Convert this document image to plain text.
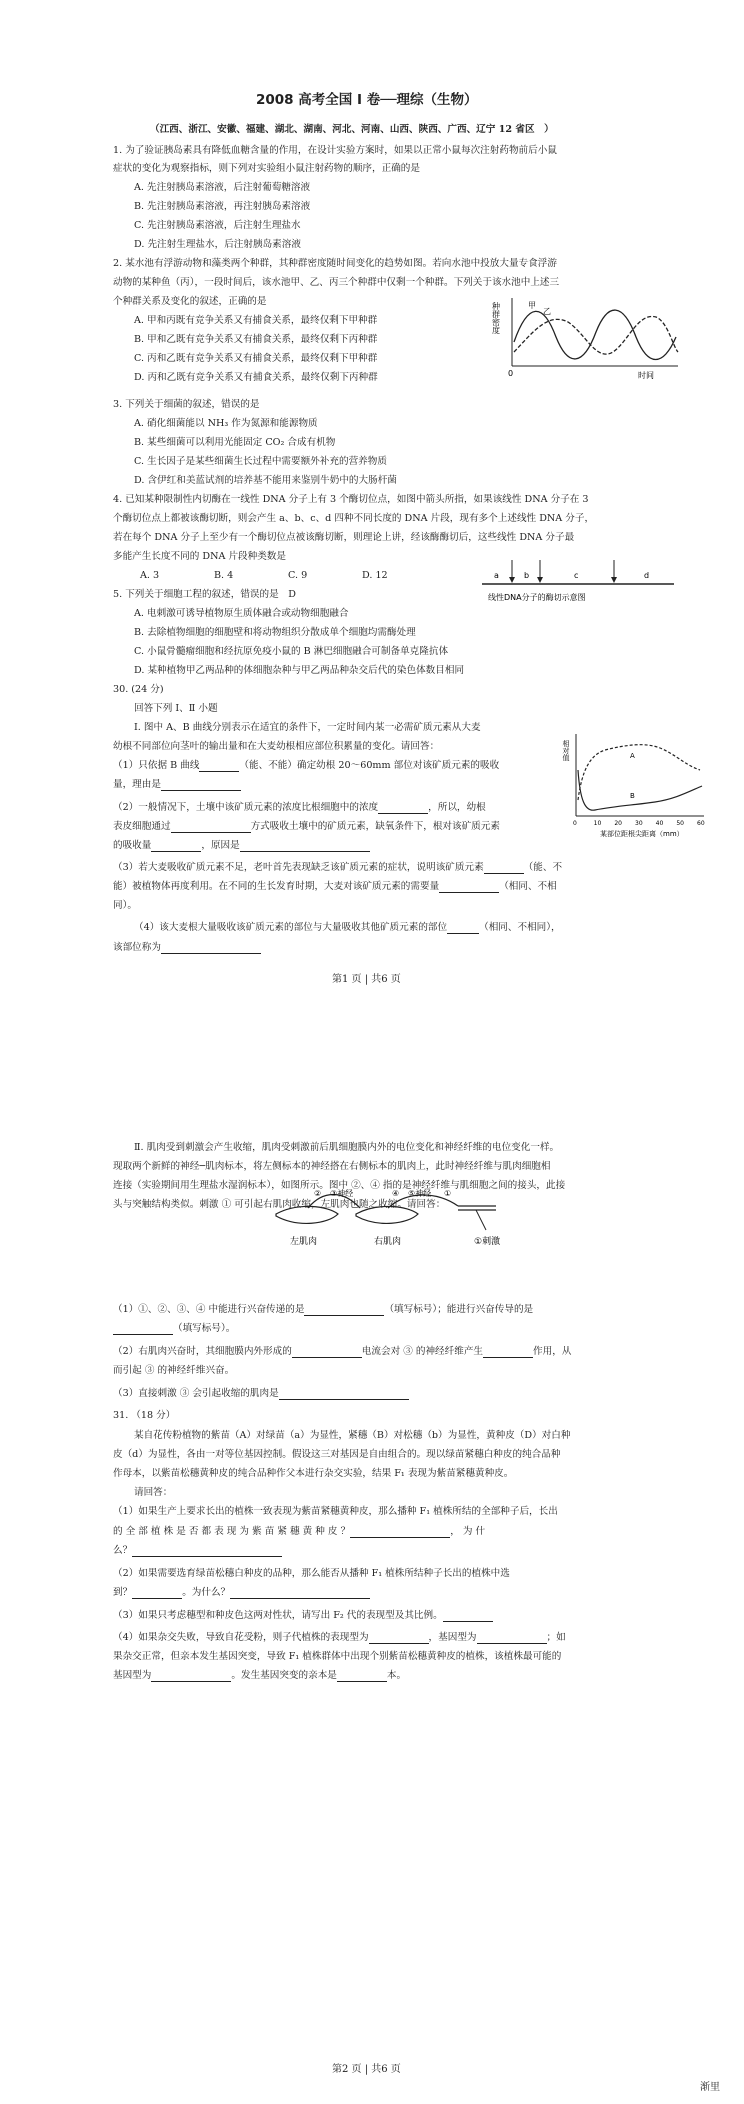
2008 高考全国 I 卷──理综（生物）
（江西、浙江、安徽、福建、湖北、湖南、河北、河南、山西、陕西、广西、辽宁 12 省区　）
1. 为了验证胰岛素具有降低血糖含量的作用，在设计实验方案时，如果以正常小鼠每次注射药物前后小鼠
症状的变化为观察指标，则下列对实验组小鼠注射药物的顺序，正确的是
A. 先注射胰岛素溶液，后注射葡萄糖溶液
B. 先注射胰岛素溶液，再注射胰岛素溶液
C. 先注射胰岛素溶液，后注射生理盐水
D. 先注射生理盐水，后注射胰岛素溶液
2. 某水池有浮游动物和藻类两个种群，其种群密度随时间变化的趋势如图。若向水池中投放大量专食浮游
动物的某种鱼（丙），一段时间后，该水池甲、乙、丙三个种群中仅剩一个种群。下列关于该水池中上述三
个种群关系及变化的叙述，正确的是
A. 甲和丙既有竞争关系又有捕食关系，最终仅剩下甲种群
B. 甲和乙既有竞争关系又有捕食关系，最终仅剩下丙种群
C. 丙和乙既有竞争关系又有捕食关系，最终仅剩下甲种群
D. 丙和乙既有竞争关系又有捕食关系，最终仅剩下丙种群
种群密度	甲
乙
0	时间
3. 下列关于细菌的叙述，错误的是
A. 硝化细菌能以 NH₃ 作为氮源和能源物质
B. 某些细菌可以利用光能固定 CO₂ 合成有机物
C. 生长因子是某些细菌生长过程中需要额外补充的营养物质
D. 含伊红和美蓝试剂的培养基不能用来鉴别牛奶中的大肠杆菌
4. 已知某种限制性内切酶在一线性 DNA 分子上有 3 个酶切位点，如图中箭头所指，如果该线性 DNA 分子在 3
个酶切位点上都被该酶切断，则会产生 a、b、c、d 四种不同长度的 DNA 片段，现有多个上述线性 DNA 分子，
若在每个 DNA 分子上至少有一个酶切位点被该酶切断，则理论上讲，经该酶酶切后，这些线性 DNA 分子最
多能产生长度不同的 DNA 片段种类数是
A. 3	B. 4	C. 9	D. 12	a	b	c	d
线性DNA分子的酶切示意图
5. 下列关于细胞工程的叙述，错误的是　D
A. 电刺激可诱导植物原生质体融合或动物细胞融合
B. 去除植物细胞的细胞壁和将动物组织分散成单个细胞均需酶处理
C. 小鼠骨髓瘤细胞和经抗原免疫小鼠的 B 淋巴细胞融合可制备单克隆抗体
D. 某种植物甲乙两品种的体细胞杂种与甲乙两品种杂交后代的染色体数目相同
30. (24 分)
回答下列 Ⅰ、Ⅱ 小题
Ⅰ. 图中 A、B 曲线分别表示在适宜的条件下，一定时间内某一必需矿质元素从大麦
幼根不同部位向茎叶的输出量和在大麦幼根相应部位积累量的变化。请回答：
（1）只依据 B 曲线	（能、不能）确定幼根 20～60mm 部位对该矿质元素的吸收
量，理由是
（2）一般情况下，土壤中该矿质元素的浓度比根细胞中的浓度	，所以，幼根
表皮细胞通过	方式吸收土壤中的矿质元素，缺氧条件下，根对该矿质元素
的吸收量	，原因是
（3）若大麦吸收矿质元素不足，老叶首先表现缺乏该矿质元素的症状，说明该矿质元素	（能、不
能）被植物体再度利用。在不同的生长发育时期，大麦对该矿质元素的需要量	（相同、不相
同）。
（4）该大麦根大量吸收该矿质元素的部位与大量吸收其他矿质元素的部位	（相同、不相同），
该部位称为
相对值	A
B
0	10 20 30 40 50 60
某部位距根尖距离（mm）
第1 页 | 共6 页
Ⅱ. 肌肉受到刺激会产生收缩，肌肉受刺激前后肌细胞膜内外的电位变化和神经纤维的电位变化一样。
现取两个新鲜的神经─肌肉标本，将左侧标本的神经搭在右侧标本的肌肉上，此时神经纤维与肌肉细胞相
连接（实验期间用生理盐水湿润标本），如图所示。图中 ②、④ 指的是神经纤维与肌细胞之间的接头，此接
头与突触结构类似。刺激 ① 可引起右肌肉收缩，左肌肉也随之收缩。请回答：
② ③神经	④ ⑤神经 ①
左肌肉	右肌肉	①刺激
（1）①、②、③、④ 中能进行兴奋传递的是	（填写标号）；能进行兴奋传导的是
（填写标号）。
（2）右肌肉兴奋时，其细胞膜内外形成的	电流会对 ③ 的神经纤维产生	作用，从
而引起 ③ 的神经纤维兴奋。
（3）直接刺激 ③ 会引起收缩的肌肉是
31. （18 分）
某自花传粉植物的紫苗（A）对绿苗（a）为显性，紧穗（B）对松穗（b）为显性，黄种皮（D）对白种
皮（d）为显性，各由一对等位基因控制。假设这三对基因是自由组合的。现以绿苗紧穗白种皮的纯合品种
作母本，以紫苗松穗黄种皮的纯合品种作父本进行杂交实验，结果 F₁ 表现为紫苗紧穗黄种皮。
请回答：
（1）如果生产上要求长出的植株一致表现为紫苗紧穗黄种皮，那么播种 F₁ 植株所结的全部种子后，长出
的 全 部 植 株 是 否 都 表 现 为 紫 苗 紧 穗 黄 种 皮 ？	， 为 什
么？
（2）如果需要选育绿苗松穗白种皮的品种，那么能否从播种 F₁ 植株所结种子长出的植株中选
到？	。为什么？
（3）如果只考虑穗型和种皮色这两对性状，请写出 F₂ 代的表现型及其比例。
（4）如果杂交失败，导致自花受粉，则子代植株的表现型为	，基因型为	；如
果杂交正常，但亲本发生基因突变，导致 F₁ 植株群体中出现个别紫苗松穗黄种皮的植株，该植株最可能的
基因型为	。发生基因突变的亲本是	本。
第2 页 | 共6 页
渐里
